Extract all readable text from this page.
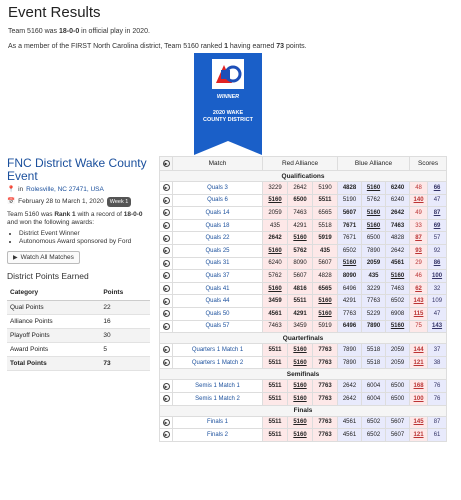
Event Results

Team 5160 was 18-0-0 in official play in 2020.

As a member of the FIRST North Carolina district, Team 5160 ranked 1 having earned 73 points.

WINNER
2020 WAKE COUNTY DISTRICT
FNC District Wake County Event
📍 in Rolesville, NC 27471, USA
📅 February 28 to March 1, 2020	Week 1
Team 5160 was Rank 1 with a record of 18-0-0 and won the following awards:
• District Event Winner
• Autonomous Award sponsored by Ford
▶ Watch All Matches
District Points Earned
Category	Points
Qual Points	22
Alliance Points	16
Playoff Points	30
Award Points	5
Total Points	73
▶	Match	Red Alliance			Blue Alliance			Scores	
Qualifications									
▶	Quals 3	3229	2642	5190	4828	5160	6240	48	66
▶	Quals 6	5160	6500	5511	5190	5762	6240	140	47
▶	Quals 14	2059	7463	6565	5607	5160	2642	49	87
▶	Quals 18	435	4291	5518	7671	5160	7463	33	69
▶	Quals 22	2642	5160	5919	7671	6500	4828	87	57
▶	Quals 25	5160	5762	435	6502	7890	2642	93	92
▶	Quals 31	6240	8090	5607	5160	2059	4561	29	86
▶	Quals 37	5762	5607	4828	8090	435	5160	46	100
▶	Quals 41	5160	4816	6565	6496	3229	7463	62	32
▶	Quals 44	3459	5511	5160	4291	7763	6502	143	109
▶	Quals 50	4561	4291	5160	7763	5229	6908	115	47
▶	Quals 57	7463	3459	5919	6496	7890	5160	75	143
Quarterfinals									
▶	Quarters 1 Match 1	5511	5160	7763	7890	5518	2059	144	37
▶	Quarters 1 Match 2	5511	5160	7763	7890	5518	2059	121	38
Semifinals									
▶	Semis 1 Match 1	5511	5160	7763	2642	6004	6500	168	76
▶	Semis 1 Match 2	5511	5160	7763	2642	6004	6500	100	76
Finals									
▶	Finals 1	5511	5160	7763	4561	6502	5607	145	87
▶	Finals 2	5511	5160	7763	4561	6502	5607	121	61
